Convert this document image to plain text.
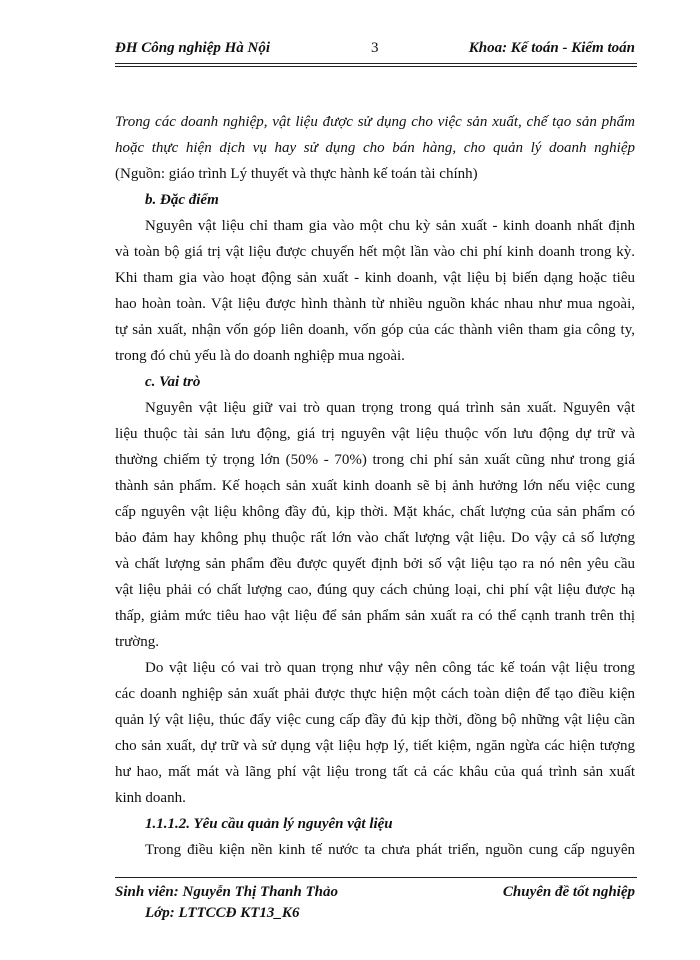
ĐH Công nghiệp Hà Nội	3	Khoa: Kế toán - Kiểm toán
Trong các doanh nghiệp, vật liệu được sử dụng cho việc sản xuất, chế tạo sản phẩm
hoặc thực hiện dịch vụ hay sử dụng cho bán hàng, cho quản lý doanh nghiệp
(Nguồn: giáo trình Lý thuyết và thực hành kế toán tài chính)
b. Đặc điểm
Nguyên vật liệu chỉ tham gia vào một chu kỳ sản xuất - kinh doanh nhất định
và toàn bộ giá trị vật liệu được chuyển hết một lần vào chi phí kinh doanh trong kỳ.
Khi tham gia vào hoạt động sản xuất - kinh doanh, vật liệu bị biến dạng hoặc tiêu
hao hoàn toàn. Vật liệu được hình thành từ nhiều nguồn khác nhau như mua ngoài,
tự sản xuất, nhận vốn góp liên doanh, vốn góp của các thành viên tham gia công ty,
trong đó chủ yếu là do doanh nghiệp mua ngoài.
c. Vai trò
Nguyên vật liệu giữ vai trò quan trọng trong quá trình sản xuất. Nguyên vật
liệu thuộc tài sản lưu động, giá trị nguyên vật liệu thuộc vốn lưu động dự trữ và
thường chiếm tỷ trọng lớn (50% - 70%) trong chi phí sản xuất cũng như trong giá
thành sản phẩm. Kế hoạch sản xuất kinh doanh sẽ bị ảnh hưởng lớn nếu việc cung
cấp nguyên vật liệu không đầy đủ, kịp thời. Mặt khác, chất lượng của sản phẩm có
bảo đảm hay không phụ thuộc rất lớn vào chất lượng vật liệu. Do vậy cả số lượng
và chất lượng sản phẩm đều được quyết định bởi số vật liệu tạo ra nó nên yêu cầu
vật liệu phải có chất lượng cao, đúng quy cách chủng loại, chi phí vật liệu được hạ
thấp, giảm mức tiêu hao vật liệu để sản phẩm sản xuất ra có thể cạnh tranh trên thị
trường.
Do vật liệu có vai trò quan trọng như vậy nên công tác kế toán vật liệu trong
các doanh nghiệp sản xuất phải được thực hiện một cách toàn diện để tạo điều kiện
quản lý vật liệu, thúc đẩy việc cung cấp đầy đủ kịp thời, đồng bộ những vật liệu cần
cho sản xuất, dự trữ và sử dụng vật liệu hợp lý, tiết kiệm, ngăn ngừa các hiện tượng
hư hao, mất mát và lãng phí vật liệu trong tất cả các khâu của quá trình sản xuất
kinh doanh.
1.1.1.2. Yêu cầu quản lý nguyên vật liệu
Trong điều kiện nền kinh tế nước ta chưa phát triển, nguồn cung cấp nguyên
Sinh viên: Nguyễn Thị Thanh Thảo	Chuyên đề tốt nghiệp
Lớp: LTTCCĐ KT13_K6
